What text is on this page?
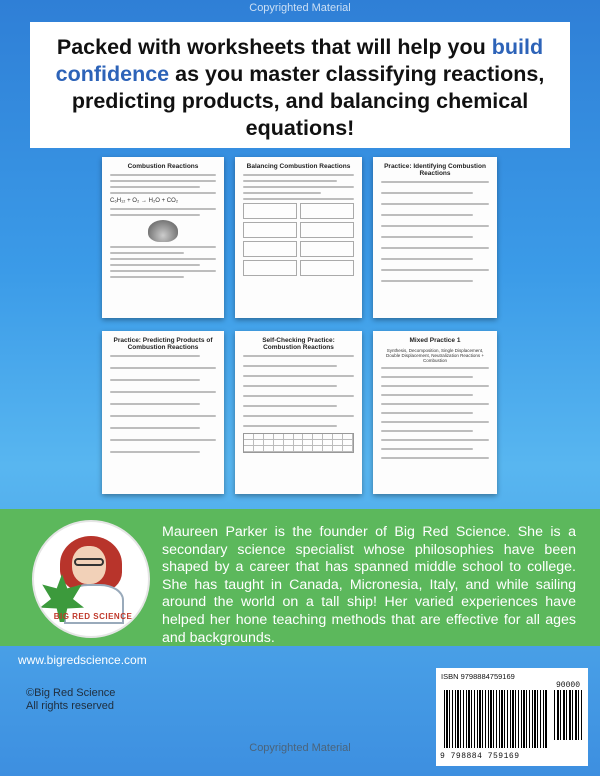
Copyrighted Material
Packed with worksheets that will help you build confidence as you master classifying reactions, predicting products, and balancing chemical equations!
Combustion Reactions
C₆H₁₂ + O₂ → H₂O + CO₂
Balancing Combustion Reactions	Practice: Identifying Combustion Reactions
Practice: Predicting Products of Combustion Reactions
Self-Checking Practice: Combustion Reactions
Mixed Practice 1
Synthesis, Decomposition, Single Displacement, Double Displacement, Neutralization Reactions + Combustion
BIG RED SCIENCE
Maureen Parker is the founder of Big Red Science. She is a secondary science specialist whose philosophies have been shaped by a career that has spanned middle school to college. She has taught in Canada, Micronesia, Italy, and while sailing around the world on a tall ship! Her varied experiences have helped her hone teaching methods that are effective for all ages and backgrounds.
www.bigredscience.com
©Big Red Science
All rights reserved
ISBN 9798884759169
90000
9 798884 759169
Copyrighted Material
